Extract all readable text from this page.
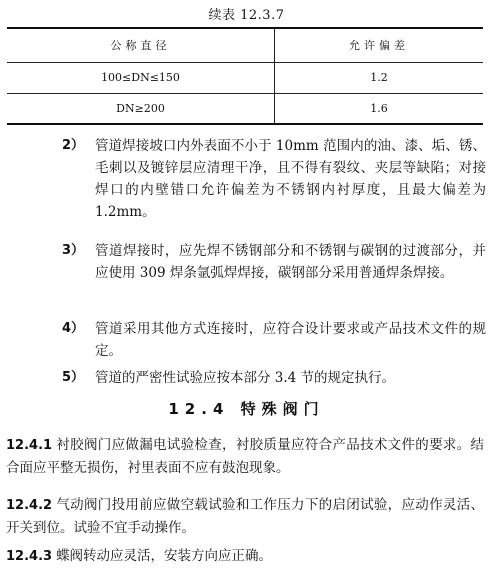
续表 12.3.7
公称直径	允许偏差
100≤DN≤150	1.2
DN≥200	1.6
2） 管道焊接坡口内外表面不小于 10mm 范围内的油、漆、垢、锈、毛刺以及镀锌层应清理干净，且不得有裂纹、夹层等缺陷；对接焊口的内壁错口允许偏差为不锈钢内衬厚度，且最大偏差为 1.2mm。
3） 管道焊接时，应先焊不锈钢部分和不锈钢与碳钢的过渡部分，并应使用 309 焊条氩弧焊焊接，碳钢部分采用普通焊条焊接。
4） 管道采用其他方式连接时，应符合设计要求或产品技术文件的规定。
5） 管道的严密性试验应按本部分 3.4 节的规定执行。
12.4 特殊阀门
12.4.1 衬胶阀门应做漏电试验检查，衬胶质量应符合产品技术文件的要求。结合面应平整无损伤，衬里表面不应有鼓泡现象。
12.4.2 气动阀门投用前应做空载试验和工作压力下的启闭试验，应动作灵活、开关到位。试验不宜手动操作。
12.4.3 蝶阀转动应灵活，安装方向应正确。
